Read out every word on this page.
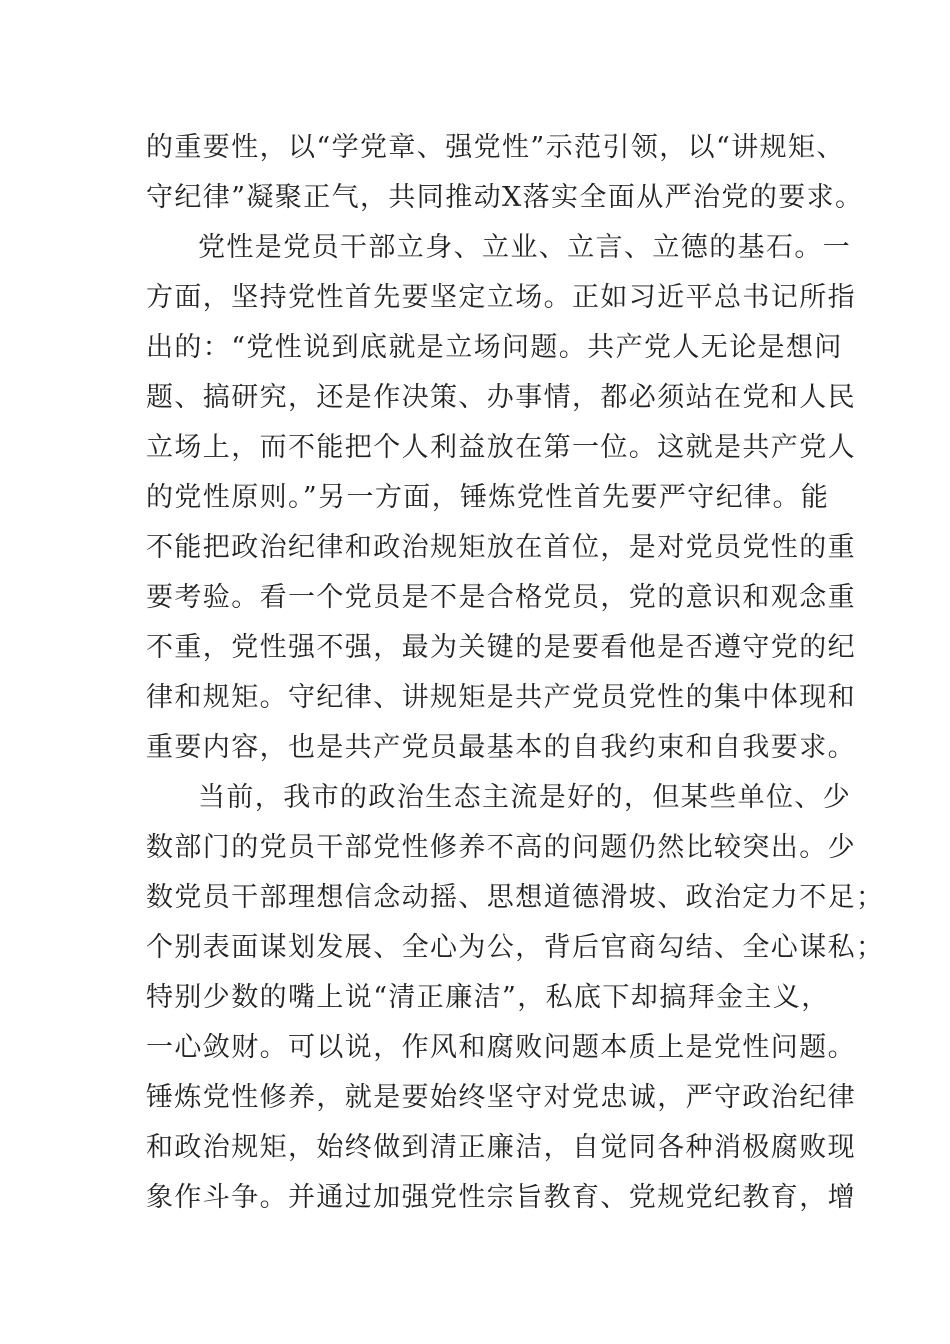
的重要性，以“学党章、强党性”示范引领，以“讲规矩、
守纪律”凝聚正气，共同推动X落实全面从严治党的要求。
党性是党员干部立身、立业、立言、立德的基石。一
方面，坚持党性首先要坚定立场。正如习近平总书记所指
出的：“党性说到底就是立场问题。共产党人无论是想问
题、搞研究，还是作决策、办事情，都必须站在党和人民
立场上，而不能把个人利益放在第一位。这就是共产党人
的党性原则。”另一方面，锤炼党性首先要严守纪律。能
不能把政治纪律和政治规矩放在首位，是对党员党性的重
要考验。看一个党员是不是合格党员，党的意识和观念重
不重，党性强不强，最为关键的是要看他是否遵守党的纪
律和规矩。守纪律、讲规矩是共产党员党性的集中体现和
重要内容，也是共产党员最基本的自我约束和自我要求。
当前，我市的政治生态主流是好的，但某些单位、少
数部门的党员干部党性修养不高的问题仍然比较突出。少
数党员干部理想信念动摇、思想道德滑坡、政治定力不足；
个别表面谋划发展、全心为公，背后官商勾结、全心谋私；
特别少数的嘴上说“清正廉洁”，私底下却搞拜金主义，
一心敛财。可以说，作风和腐败问题本质上是党性问题。
锤炼党性修养，就是要始终坚守对党忠诚，严守政治纪律
和政治规矩，始终做到清正廉洁，自觉同各种消极腐败现
象作斗争。并通过加强党性宗旨教育、党规党纪教育，增
